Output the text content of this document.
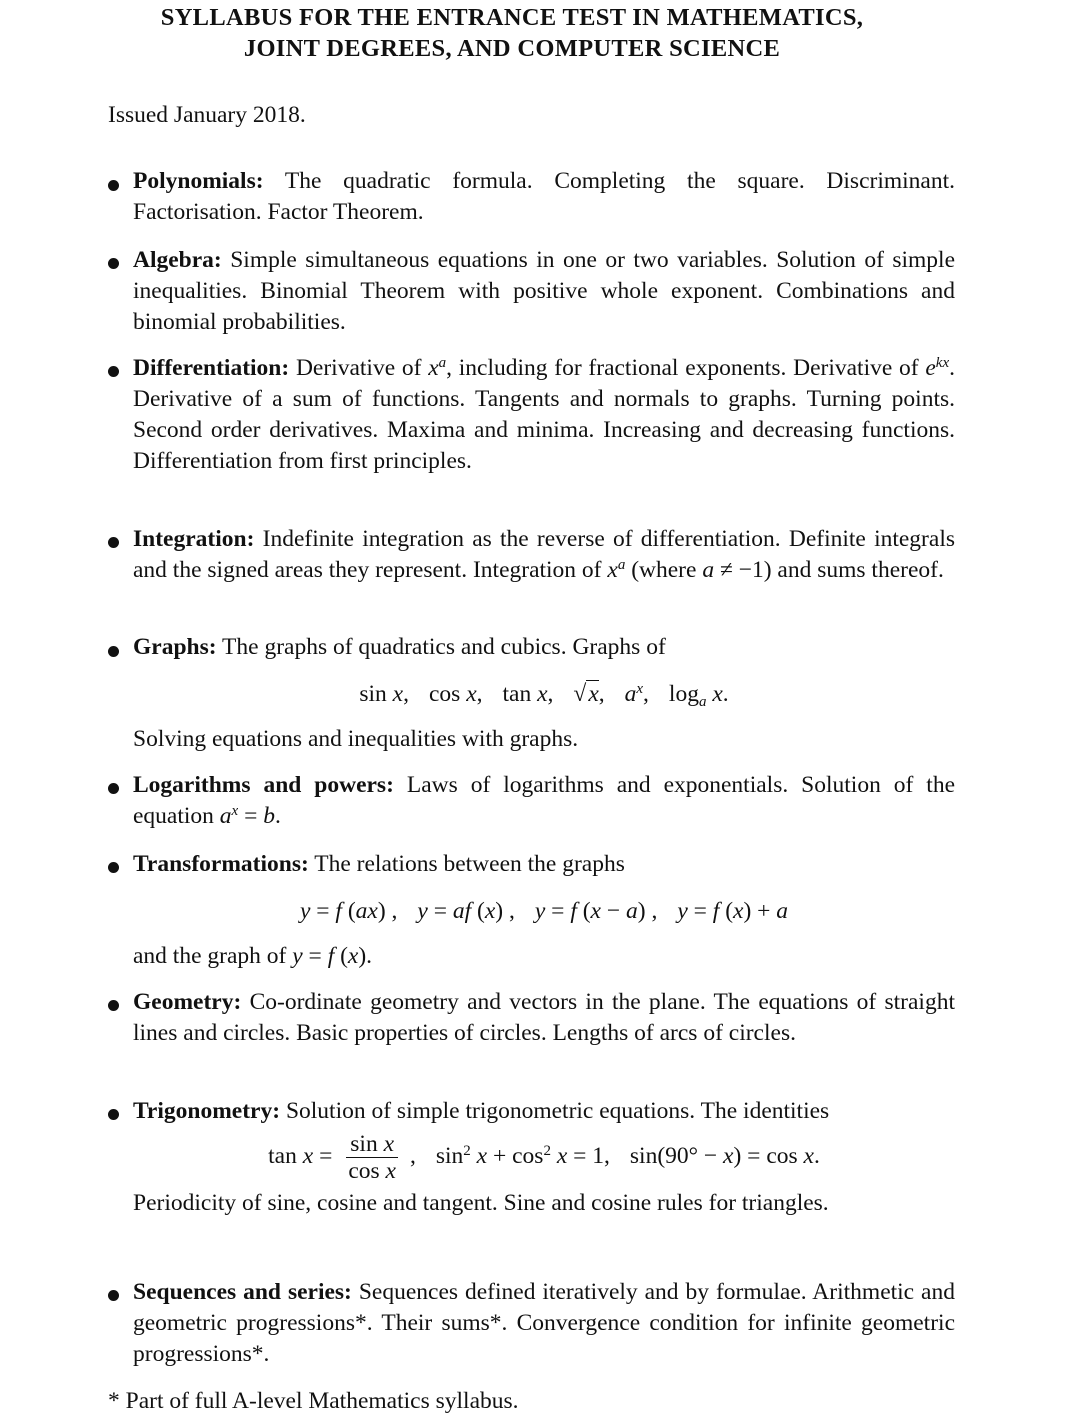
SYLLABUS FOR THE ENTRANCE TEST IN MATHEMATICS,
JOINT DEGREES, AND COMPUTER SCIENCE
Issued January 2018.

Polynomials: The quadratic formula. Completing the square. Discriminant. Factorisation. Factor Theorem.

Algebra: Simple simultaneous equations in one or two variables. Solution of simple inequalities. Binomial Theorem with positive whole exponent. Combinations and binomial probabilities.

Differentiation: Derivative of $x^a$, including for fractional exponents. Derivative of $e^{kx}$. Derivative of a sum of functions. Tangents and normals to graphs. Turning points. Second order derivatives. Maxima and minima. Increasing and decreasing functions. Differentiation from first principles.

Integration: Indefinite integration as the reverse of differentiation. Definite integrals and the signed areas they represent. Integration of $x^a$ (where a ≠ −1) and sums thereof.

Graphs: The graphs of quadratics and cubics. Graphs of

sin x, cos x, tan x, √x, $a^x$, $\log_a x$.

Solving equations and inequalities with graphs.

Logarithms and powers: Laws of logarithms and exponentials. Solution of the equation $a^x = b$.

Transformations: The relations between the graphs

y = f (ax) , y = af (x) , y = f (x − a) , y = f (x) + a

and the graph of y = f (x).

Geometry: Co-ordinate geometry and vectors in the plane. The equations of straight lines and circles. Basic properties of circles. Lengths of arcs of circles.

Trigonometry: Solution of simple trigonometric equations. The identities

$\tan x = \frac{\text{sin x}}{\text{cos x}}$ , $\sin^2 x + \cos^2 x = 1$, sin(90° − x) = cos x.

Periodicity of sine, cosine and tangent. Sine and cosine rules for triangles.

Sequences and series: Sequences defined iteratively and by formulae. Arithmetic and geometric progressions*. Their sums*. Convergence condition for infinite geometric progressions*.

* Part of full A-level Mathematics syllabus.
